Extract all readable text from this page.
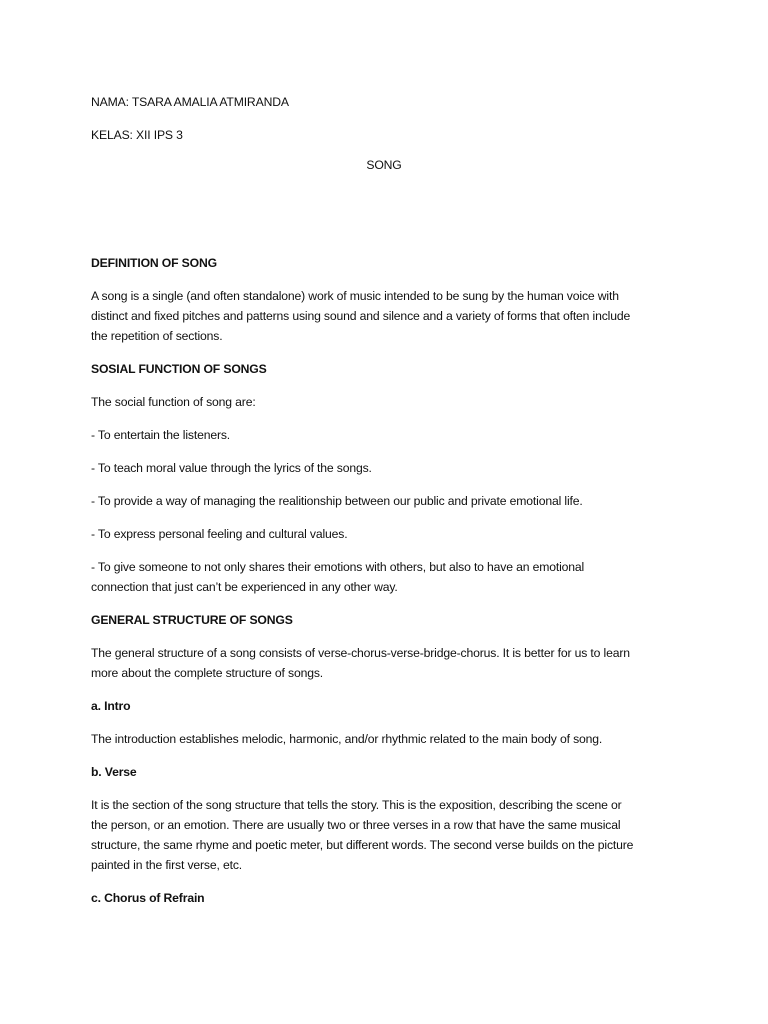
NAMA: TSARA AMALIA ATMIRANDA
KELAS: XII IPS 3
SONG
DEFINITION OF SONG
A song is a single (and often standalone) work of music intended to be sung by the human voice with
distinct and fixed pitches and patterns using sound and silence and a variety of forms that often include
the repetition of sections.
SOSIAL FUNCTION OF SONGS
The social function of song are:
- To entertain the listeners.
- To teach moral value through the lyrics of the songs.
- To provide a way of managing the realitionship between our public and private emotional life.
- To express personal feeling and cultural values.
- To give someone to not only shares their emotions with others, but also to have an emotional
connection that just can’t be experienced in any other way.
GENERAL STRUCTURE OF SONGS
The general structure of a song consists of verse-chorus-verse-bridge-chorus. It is better for us to learn
more about the complete structure of songs.
a. Intro
The introduction establishes melodic, harmonic, and/or rhythmic related to the main body of song.
b. Verse
It is the section of the song structure that tells the story. This is the exposition, describing the scene or
the person, or an emotion. There are usually two or three verses in a row that have the same musical
structure, the same rhyme and poetic meter, but different words. The second verse builds on the picture
painted in the first verse, etc.
c. Chorus of Refrain
